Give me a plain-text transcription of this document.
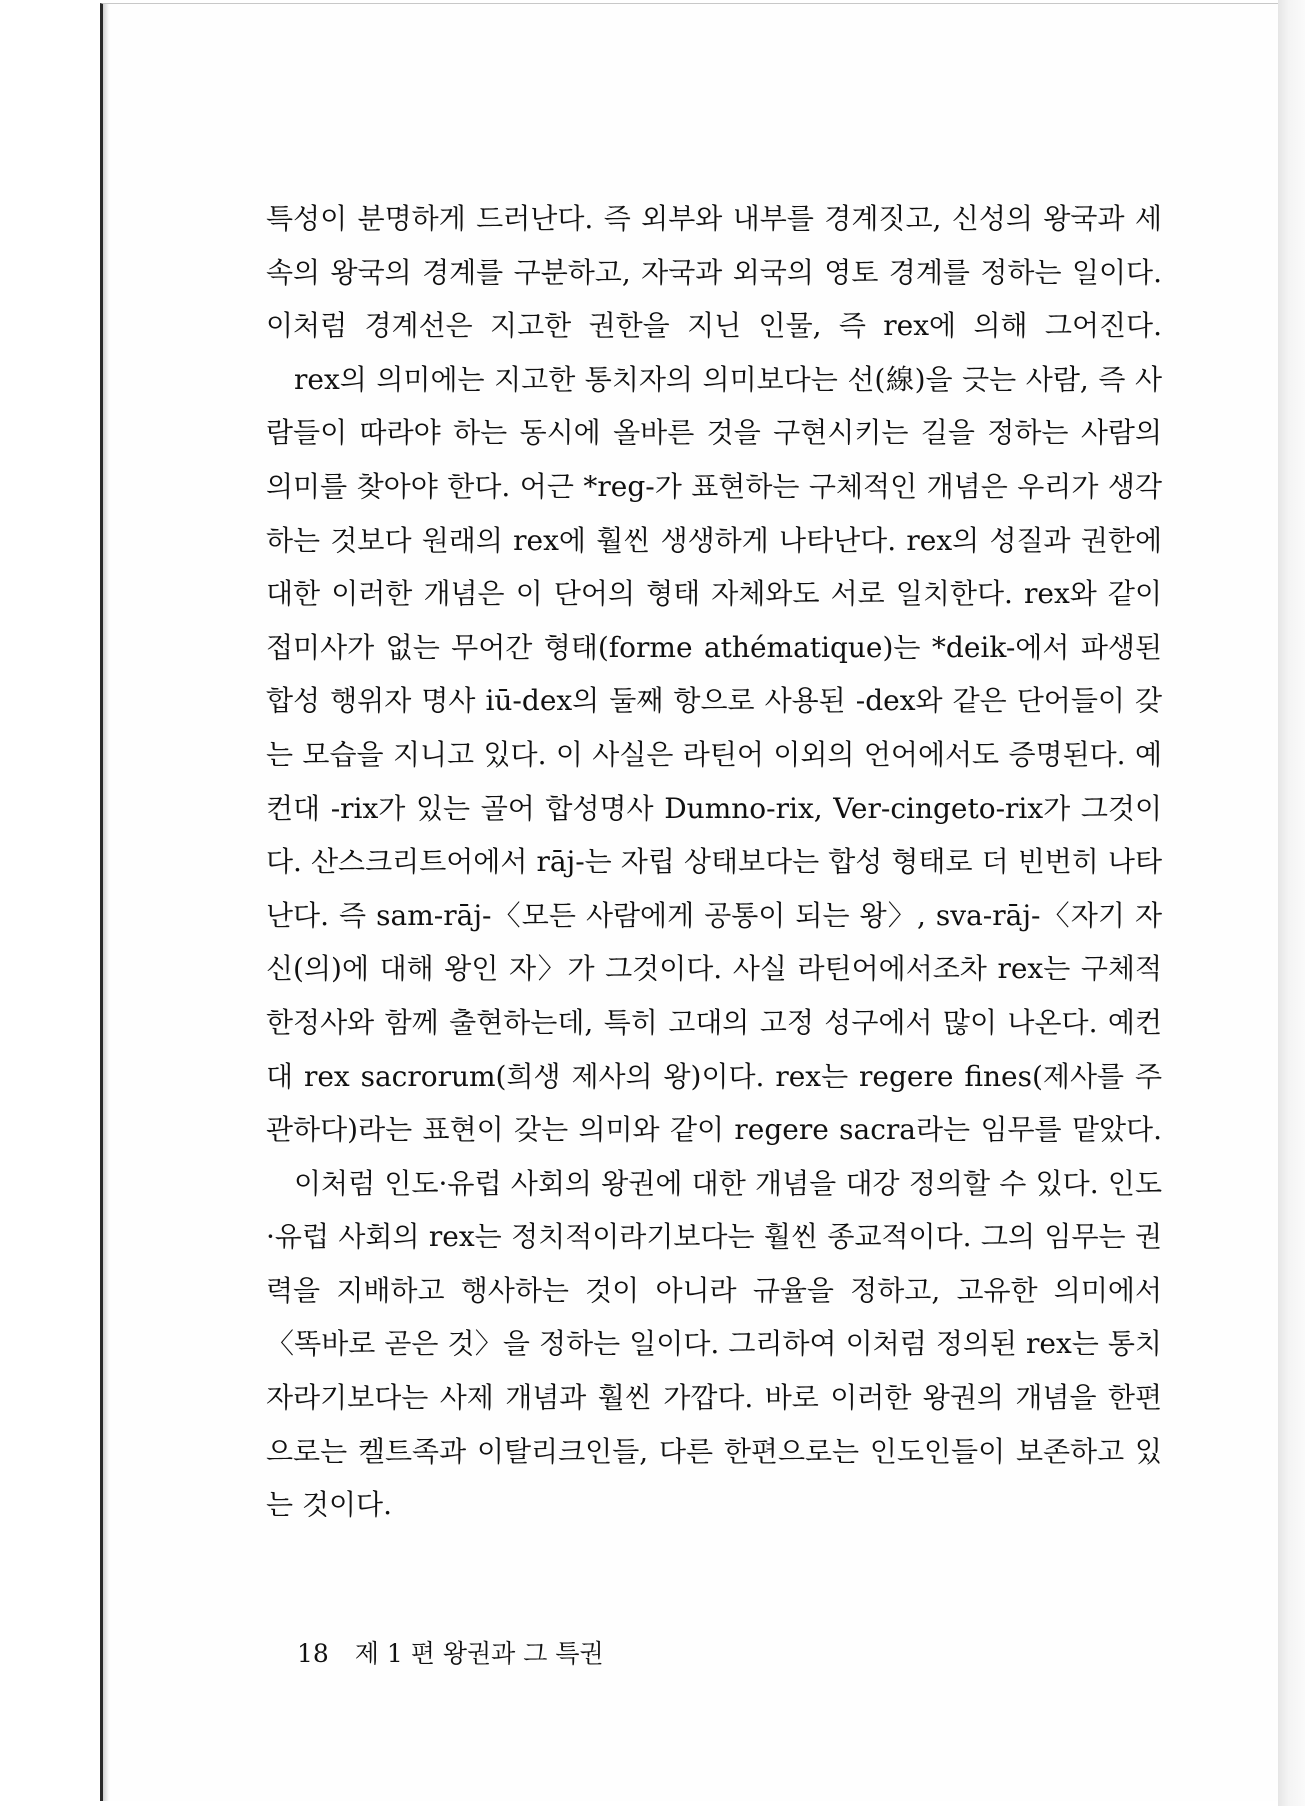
특성이 분명하게 드러난다. 즉 외부와 내부를 경계짓고, 신성의 왕국과 세속의 왕국의 경계를 구분하고, 자국과 외국의 영토 경계를 정하는 일이다. 이처럼 경계선은 지고한 권한을 지닌 인물, 즉 rex에 의해 그어진다.

rex의 의미에는 지고한 통치자의 의미보다는 선(線)을 긋는 사람, 즉 사람들이 따라야 하는 동시에 올바른 것을 구현시키는 길을 정하는 사람의 의미를 찾아야 한다. 어근 *reg-가 표현하는 구체적인 개념은 우리가 생각하는 것보다 원래의 rex에 훨씬 생생하게 나타난다. rex의 성질과 권한에 대한 이러한 개념은 이 단어의 형태 자체와도 서로 일치한다. rex와 같이 접미사가 없는 무어간 형태(forme athématique)는 *deik-에서 파생된 합성 행위자 명사 iū-dex의 둘째 항으로 사용된 -dex와 같은 단어들이 갖는 모습을 지니고 있다. 이 사실은 라틴어 이외의 언어에서도 증명된다. 예컨대 -rix가 있는 골어 합성명사 Dumno-rix, Ver-cingeto-rix가 그것이다. 산스크리트어에서 rāj-는 자립 상태보다는 합성 형태로 더 빈번히 나타난다. 즉 sam-rāj-〈모든 사람에게 공통이 되는 왕〉, sva-rāj-〈자기 자신(의)에 대해 왕인 자〉가 그것이다. 사실 라틴어에서조차 rex는 구체적 한정사와 함께 출현하는데, 특히 고대의 고정 성구에서 많이 나온다. 예컨대 rex sacrorum(희생 제사의 왕)이다. rex는 regere fines(제사를 주관하다)라는 표현이 갖는 의미와 같이 regere sacra라는 임무를 맡았다.

이처럼 인도·유럽 사회의 왕권에 대한 개념을 대강 정의할 수 있다. 인도·유럽 사회의 rex는 정치적이라기보다는 훨씬 종교적이다. 그의 임무는 권력을 지배하고 행사하는 것이 아니라 규율을 정하고, 고유한 의미에서 〈똑바로 곧은 것〉을 정하는 일이다. 그리하여 이처럼 정의된 rex는 통치자라기보다는 사제 개념과 훨씬 가깝다. 바로 이러한 왕권의 개념을 한편으로는 켈트족과 이탈리크인들, 다른 한편으로는 인도인들이 보존하고 있는 것이다.

18 제 1 편 왕권과 그 특권
